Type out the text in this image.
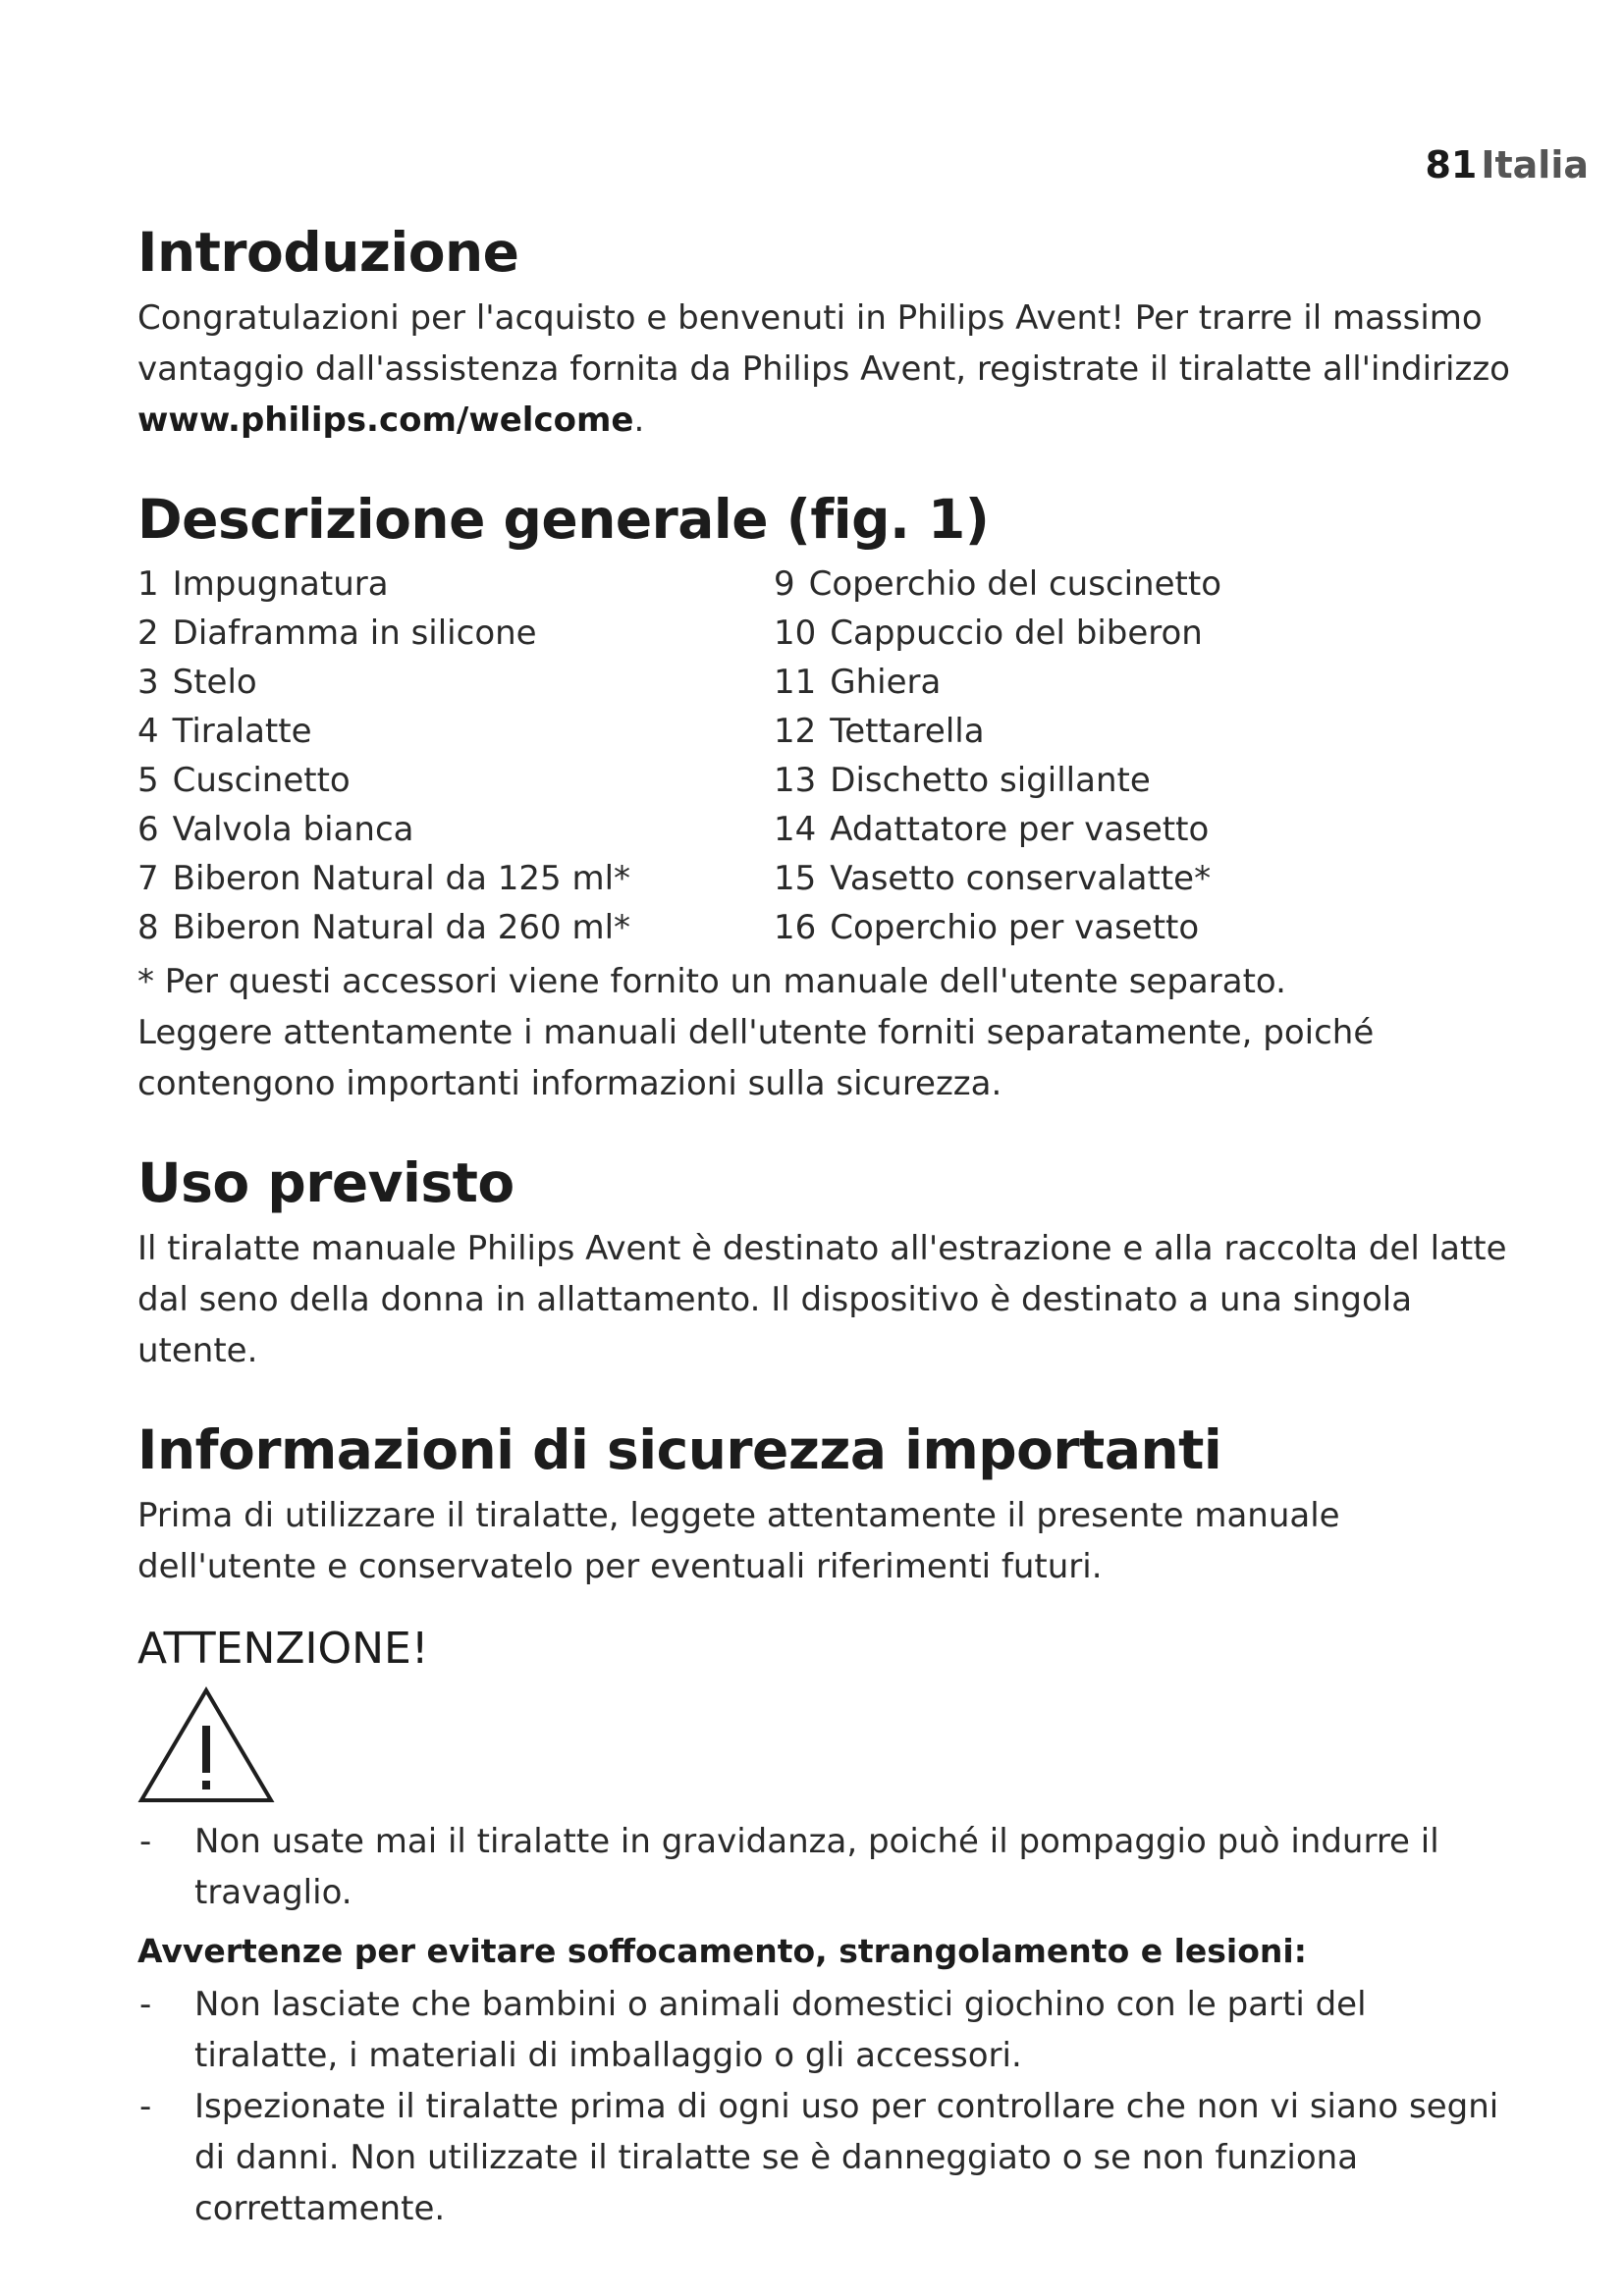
81 Italia
Introduzione

Congratulazioni per l'acquisto e benvenuti in Philips Avent! Per trarre il massimo vantaggio dall'assistenza fornita da Philips Avent, registrate il tiralatte all'indirizzo www.philips.com/welcome.

Descrizione generale (fig. 1)
1 Impugnatura	9 Coperchio del cuscinetto
2 Diaframma in silicone	10 Cappuccio del biberon
3 Stelo	11 Ghiera
4 Tiralatte	12 Tettarella
5 Cuscinetto	13 Dischetto sigillante
6 Valvola bianca	14 Adattatore per vasetto
7 Biberon Natural da 125 ml*	15 Vasetto conservalatte*
8 Biberon Natural da 260 ml*	16 Coperchio per vasetto

* Per questi accessori viene fornito un manuale dell'utente separato.

Leggere attentamente i manuali dell'utente forniti separatamente, poiché contengono importanti informazioni sulla sicurezza.

Uso previsto

Il tiralatte manuale Philips Avent è destinato all'estrazione e alla raccolta del latte dal seno della donna in allattamento. Il dispositivo è destinato a una singola utente.

Informazioni di sicurezza importanti

Prima di utilizzare il tiralatte, leggete attentamente il presente manuale dell'utente e conservatelo per eventuali riferimenti futuri.

ATTENZIONE!
- Non usate mai il tiralatte in gravidanza, poiché il pompaggio può indurre il travaglio.

Avvertenze per evitare soffocamento, strangolamento e lesioni:

- Non lasciate che bambini o animali domestici giochino con le parti del tiralatte, i materiali di imballaggio o gli accessori.
- Ispezionate il tiralatte prima di ogni uso per controllare che non vi siano segni di danni. Non utilizzate il tiralatte se è danneggiato o se non funziona correttamente.
